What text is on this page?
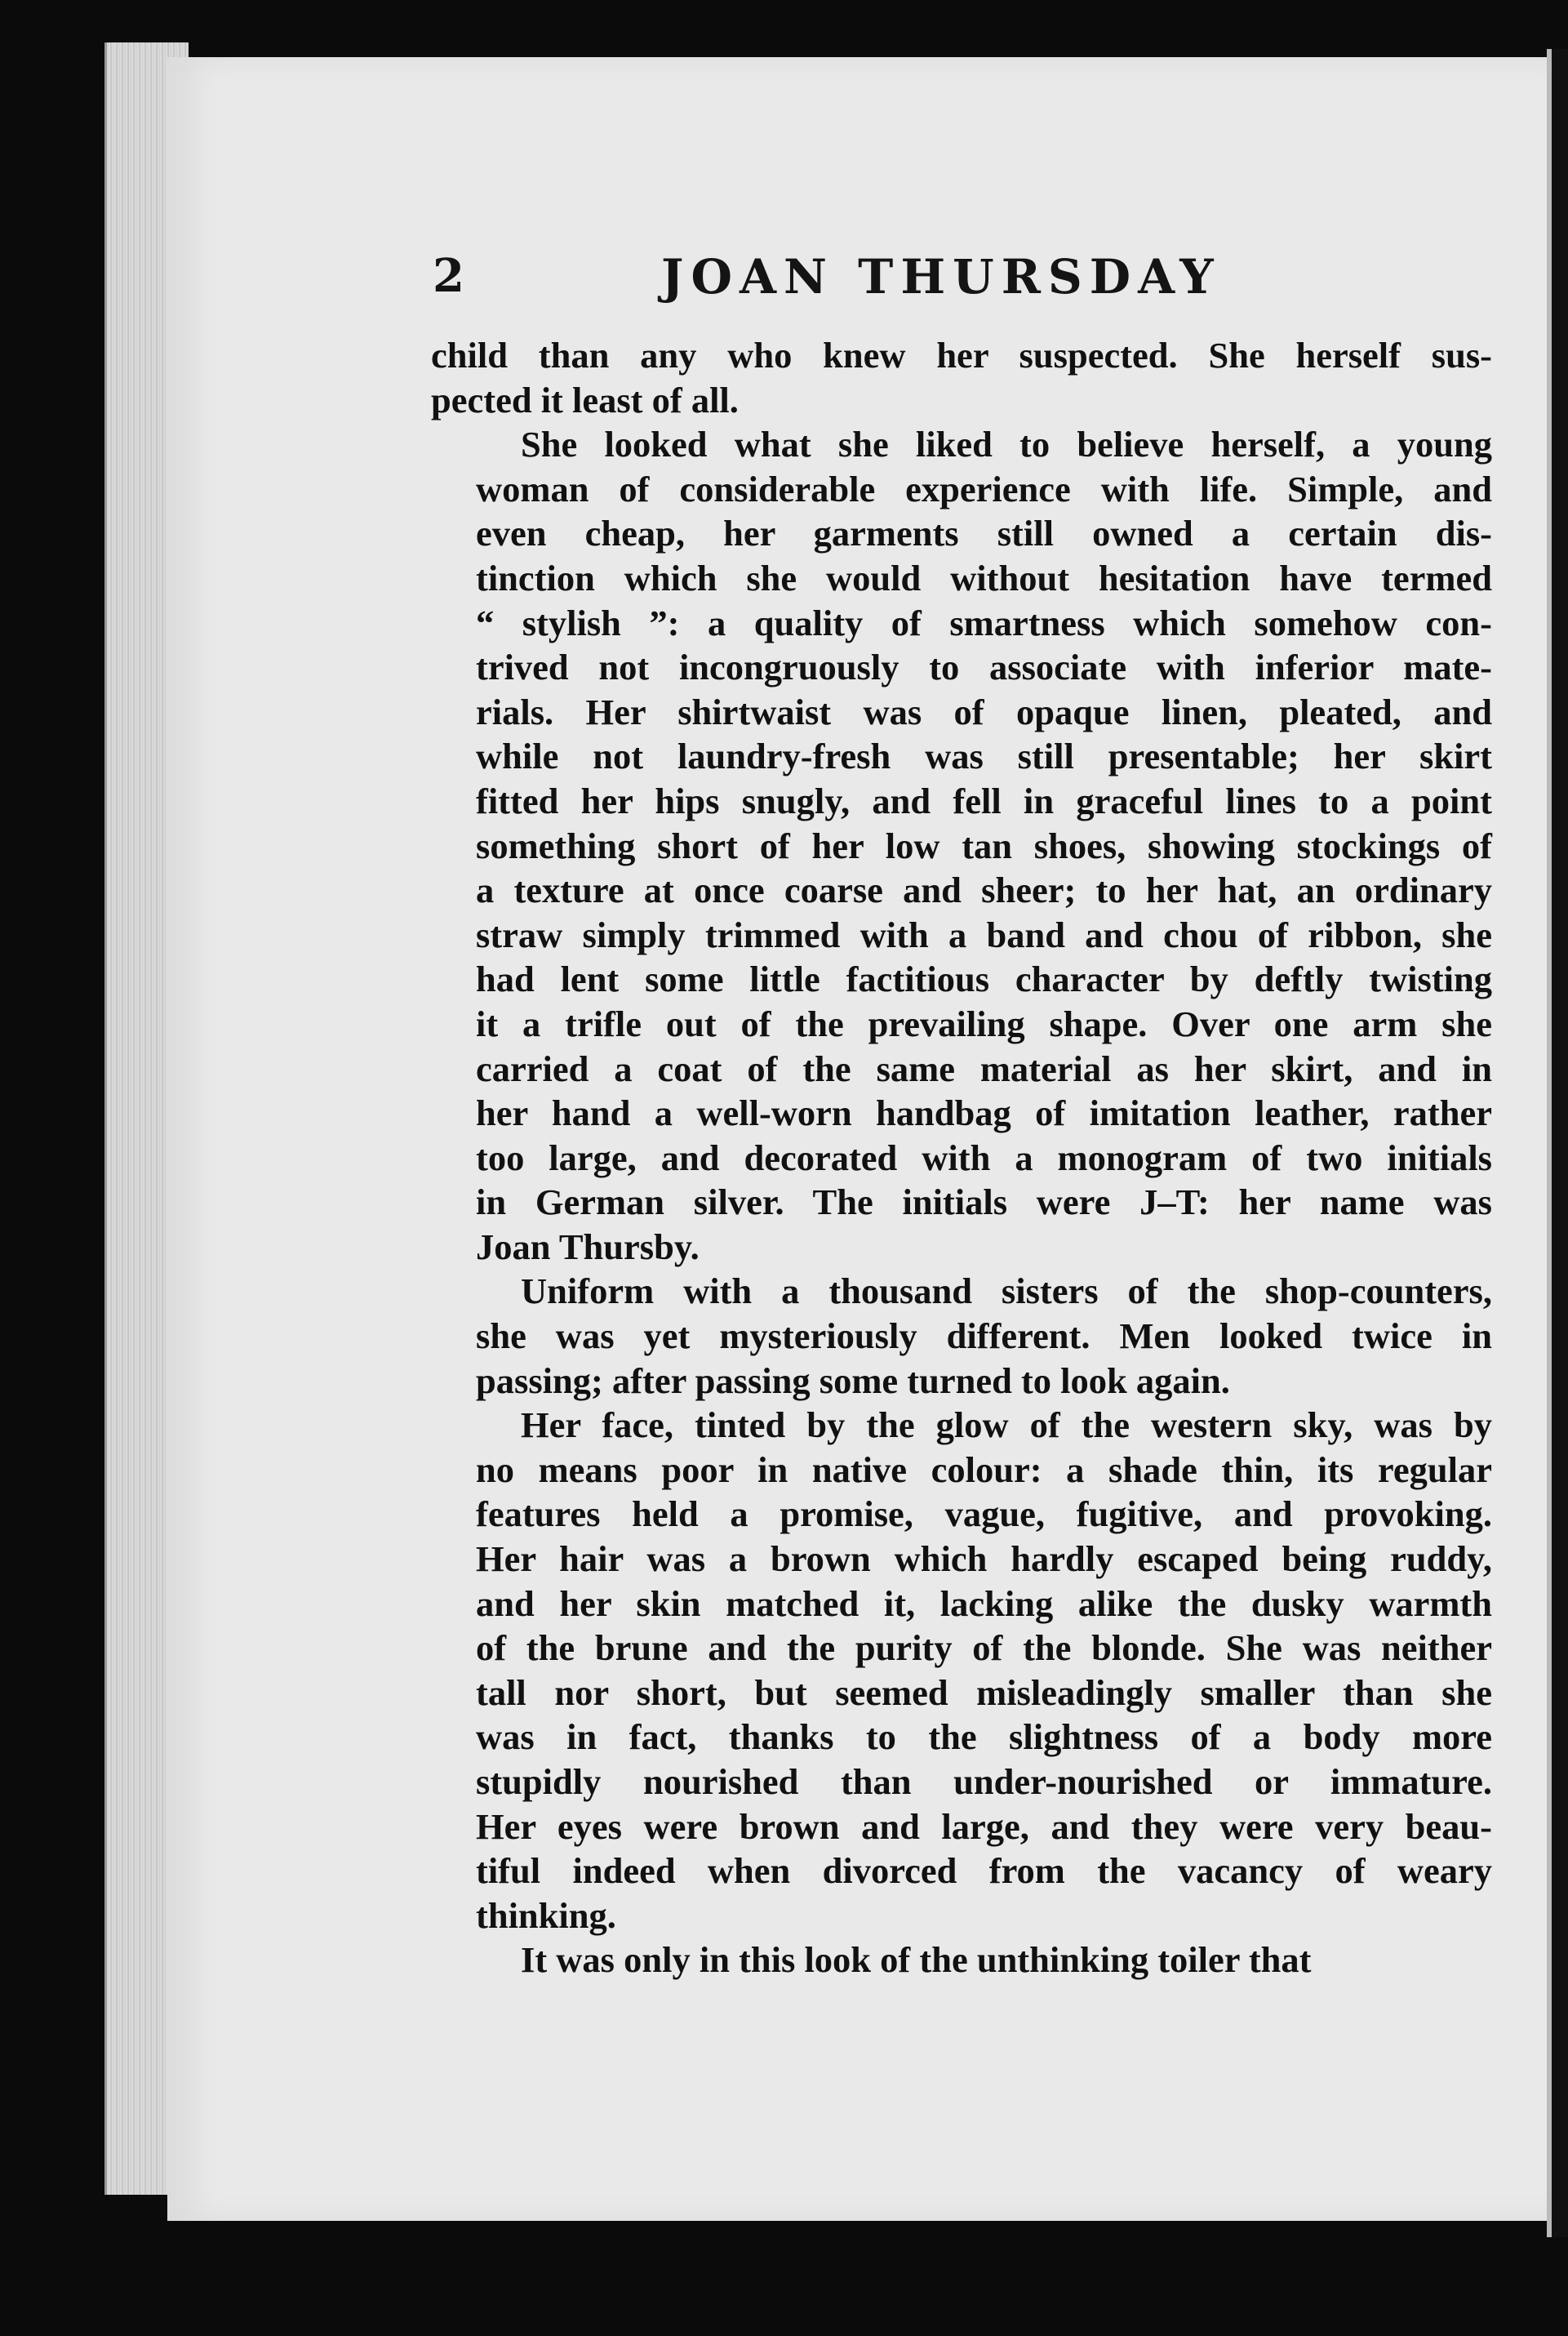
2	JOAN THURSDAY
child than any who knew her suspected. She herself sus-
pected it least of all.
She looked what she liked to believe herself, a young
woman of considerable experience with life. Simple, and
even cheap, her garments still owned a certain dis-
tinction which she would without hesitation have termed
“ stylish ”: a quality of smartness which somehow con-
trived not incongruously to associate with inferior mate-
rials. Her shirtwaist was of opaque linen, pleated, and
while not laundry-fresh was still presentable; her skirt
fitted her hips snugly, and fell in graceful lines to a point
something short of her low tan shoes, showing stockings of
a texture at once coarse and sheer; to her hat, an ordinary
straw simply trimmed with a band and chou of ribbon, she
had lent some little factitious character by deftly twisting
it a trifle out of the prevailing shape. Over one arm she
carried a coat of the same material as her skirt, and in
her hand a well-worn handbag of imitation leather, rather
too large, and decorated with a monogram of two initials
in German silver. The initials were J–T: her name was
Joan Thursby.
Uniform with a thousand sisters of the shop-counters,
she was yet mysteriously different. Men looked twice in
passing; after passing some turned to look again.
Her face, tinted by the glow of the western sky, was by
no means poor in native colour: a shade thin, its regular
features held a promise, vague, fugitive, and provoking.
Her hair was a brown which hardly escaped being ruddy,
and her skin matched it, lacking alike the dusky warmth
of the brune and the purity of the blonde. She was neither
tall nor short, but seemed misleadingly smaller than she
was in fact, thanks to the slightness of a body more
stupidly nourished than under-nourished or immature.
Her eyes were brown and large, and they were very beau-
tiful indeed when divorced from the vacancy of weary
thinking.
It was only in this look of the unthinking toiler that
